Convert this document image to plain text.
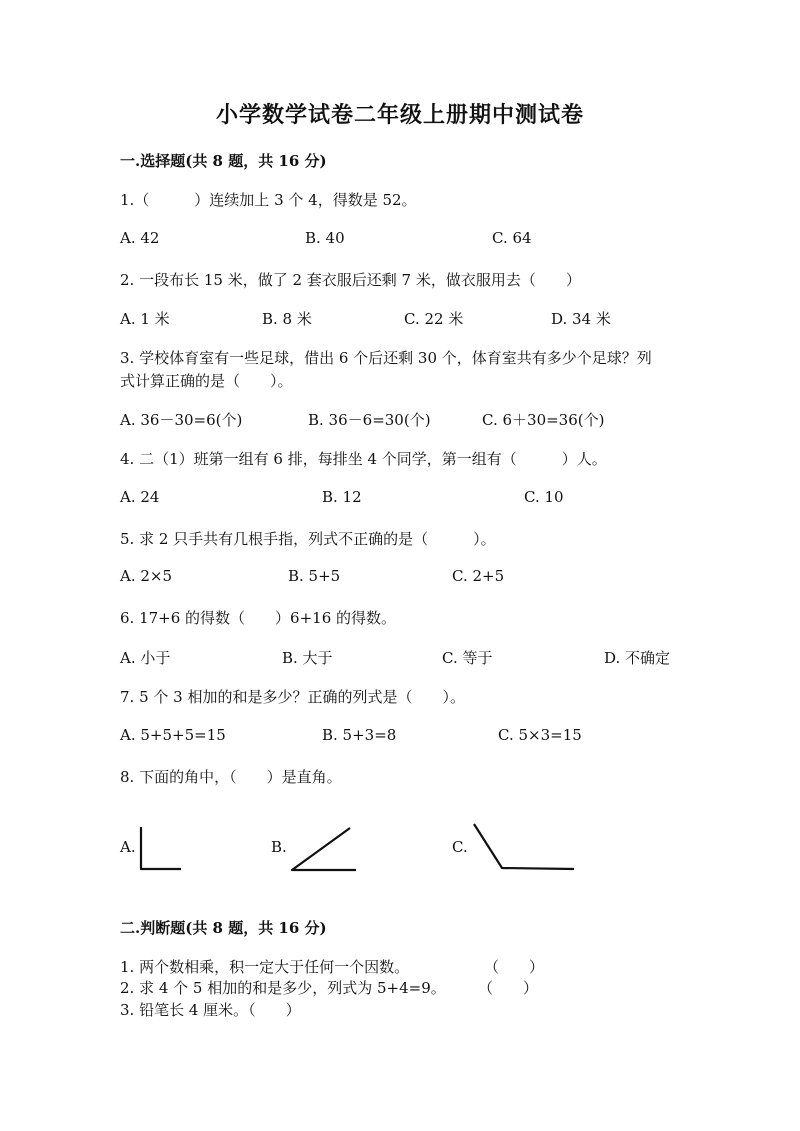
小学数学试卷二年级上册期中测试卷
一.选择题(共 8 题，共 16 分)
1.（　　　）连续加上 3 个 4，得数是 52。
A. 42	B. 40	C. 64
2. 一段布长 15 米，做了 2 套衣服后还剩 7 米，做衣服用去（　　）
A. 1 米	B. 8 米	C. 22 米	D. 34 米
3. 学校体育室有一些足球，借出 6 个后还剩 30 个，体育室共有多少个足球？列
式计算正确的是（　　）。
A. 36－30=6(个)	B. 36－6=30(个)	C. 6＋30=36(个)
4. 二（1）班第一组有 6 排，每排坐 4 个同学，第一组有（　　　）人。
A. 24	B. 12	C. 10
5. 求 2 只手共有几根手指，列式不正确的是（　　　）。
A. 2×5	B. 5+5	C. 2+5
6. 17+6 的得数（　　）6+16 的得数。
A. 小于	B. 大于	C. 等于	D. 不确定
7. 5 个 3 相加的和是多少？正确的列式是（　　）。
A. 5+5+5=15	B. 5+3=8	C. 5×3=15
8. 下面的角中，（　　）是直角。
A.	B.	C.
二.判断题(共 8 题，共 16 分)
1. 两个数相乘，积一定大于任何一个因数。	（　　）
2. 求 4 个 5 相加的和是多少，列式为 5+4=9。 （　　）
3. 铅笔长 4 厘米。（　　）
